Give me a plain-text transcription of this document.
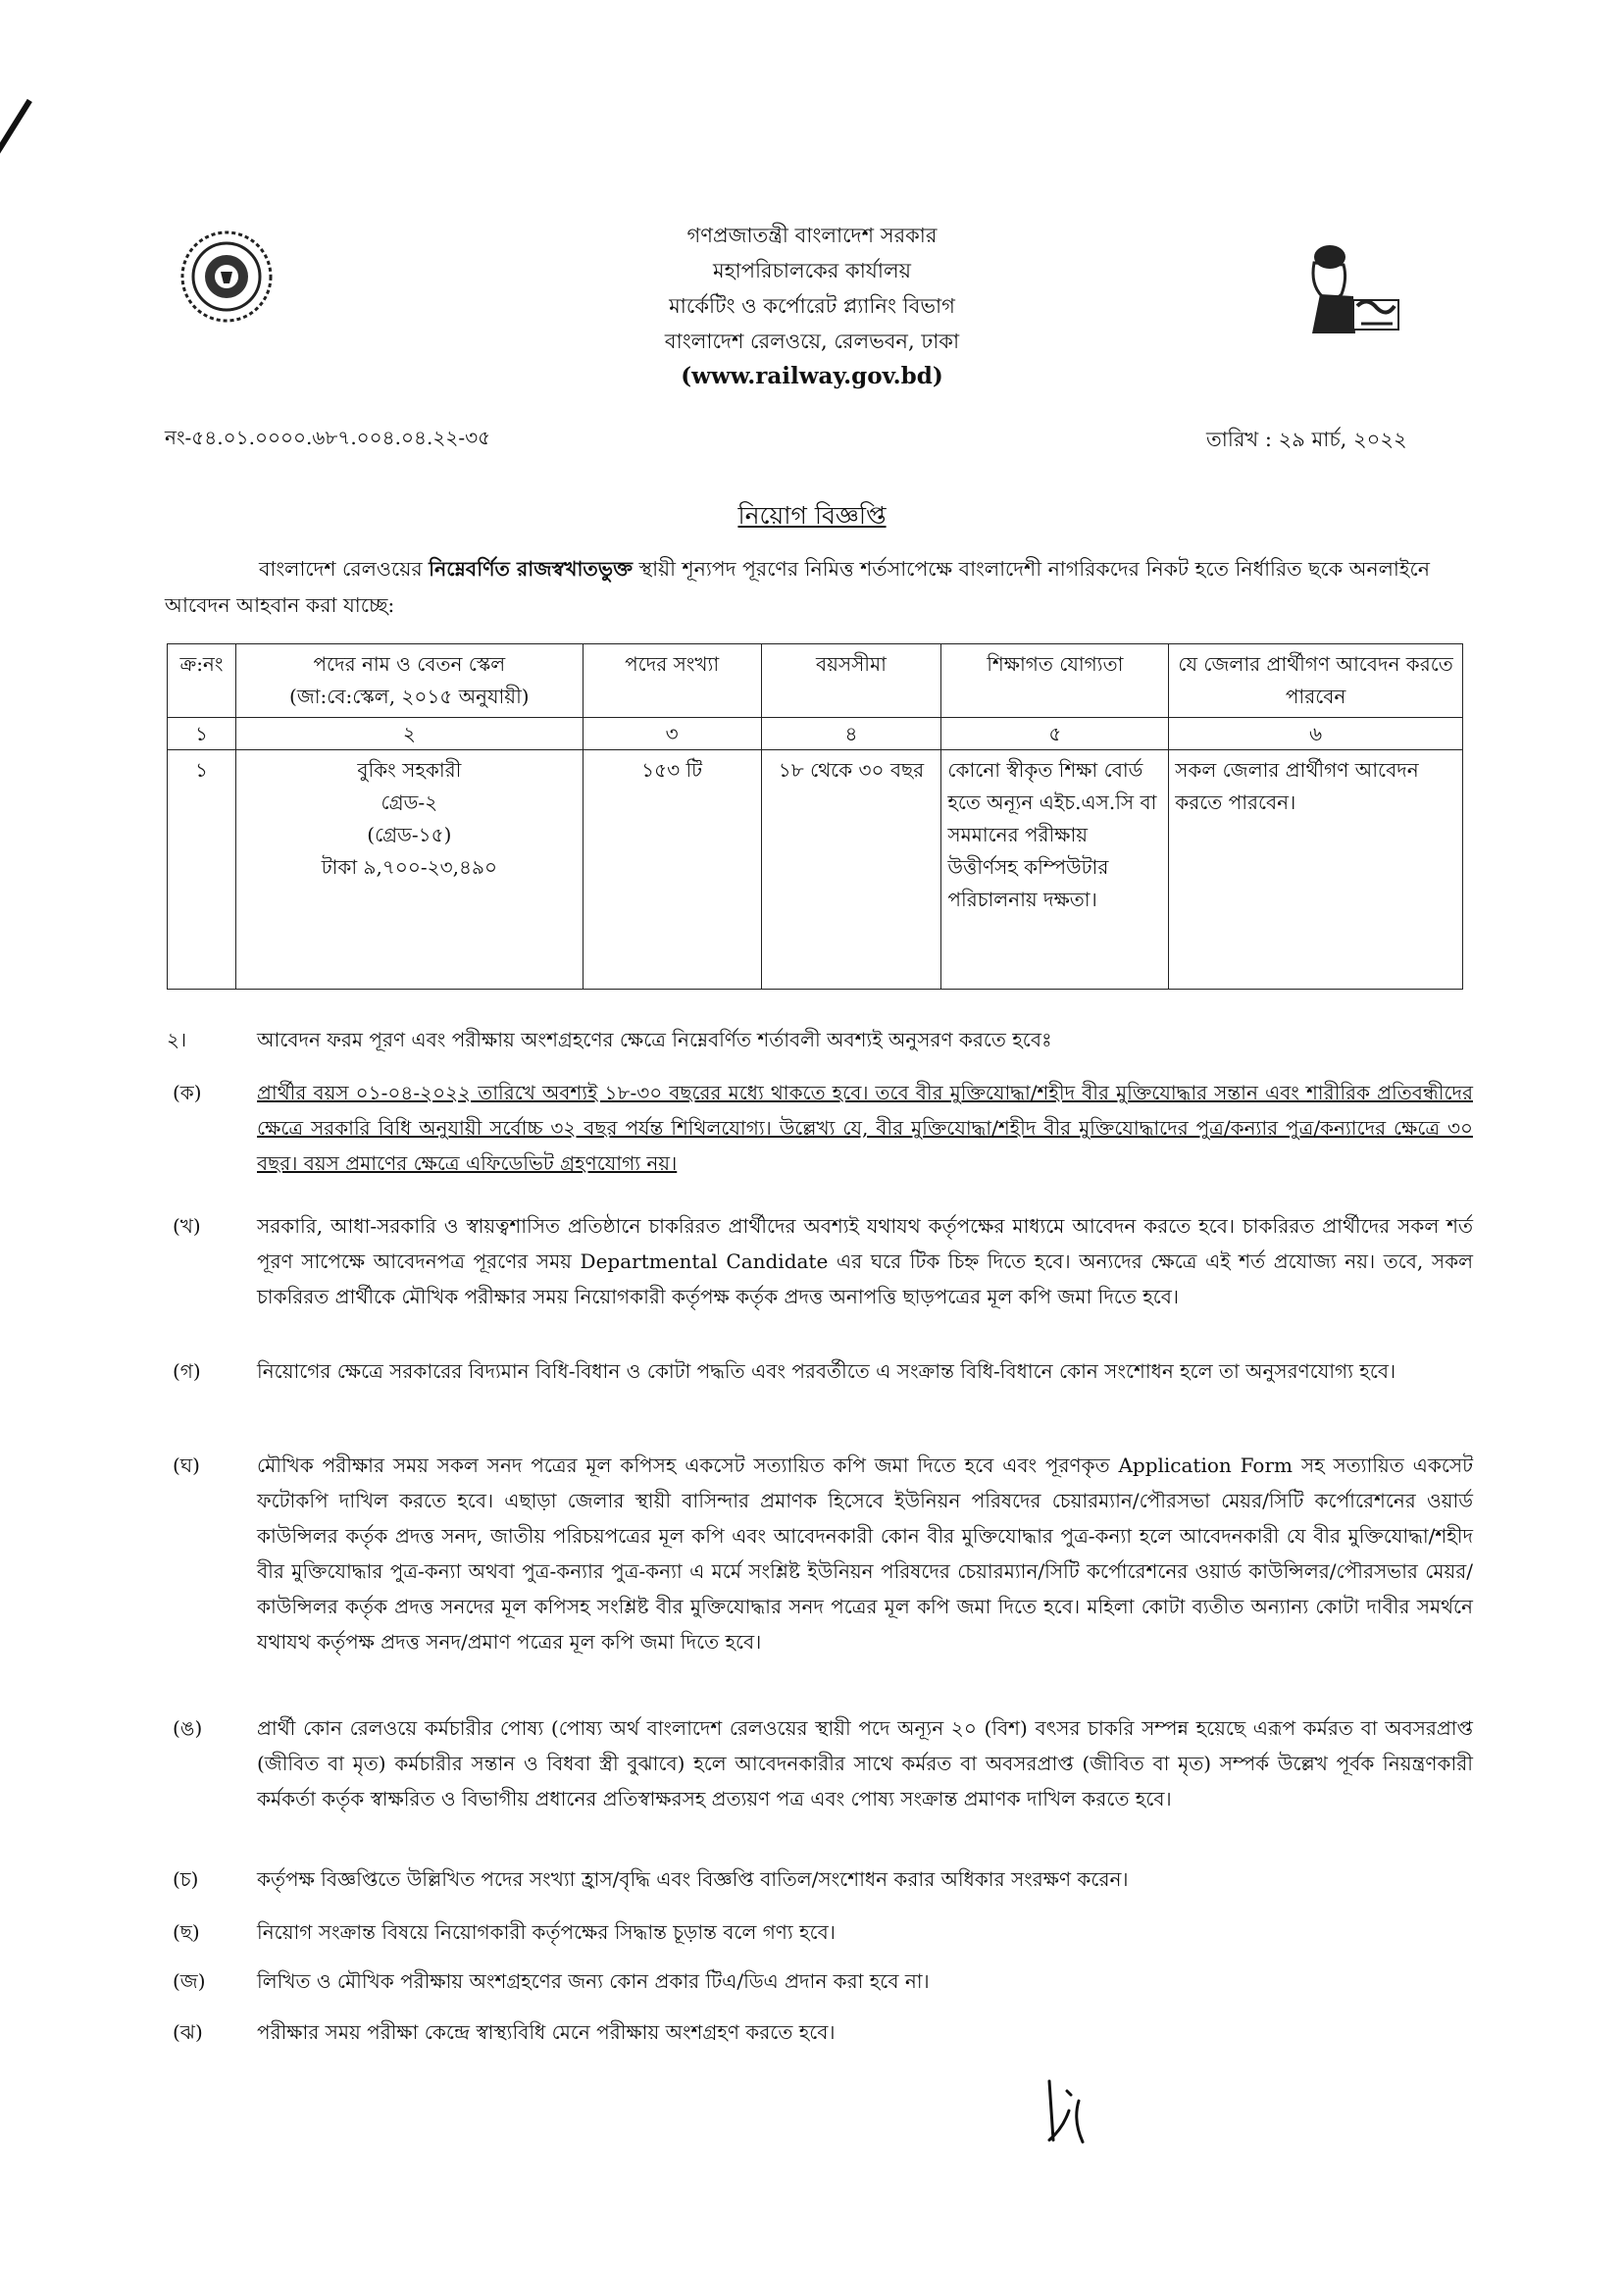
গণপ্রজাতন্ত্রী বাংলাদেশ সরকার
মহাপরিচালকের কার্যালয়
মার্কেটিং ও কর্পোরেট প্ল্যানিং বিভাগ
বাংলাদেশ রেলওয়ে, রেলভবন, ঢাকা
(www.railway.gov.bd)
নং-৫৪.০১.০০০০.৬৮৭.০০৪.০৪.২২-৩৫	তারিখ : ২৯ মার্চ, ২০২২
নিয়োগ বিজ্ঞপ্তি
বাংলাদেশ রেলওয়ের নিম্নেবর্ণিত রাজস্বখাতভুক্ত স্থায়ী শূন্যপদ পূরণের নিমিত্ত শর্তসাপেক্ষে বাংলাদেশী নাগরিকদের নিকট হতে নির্ধারিত ছকে অনলাইনে আবেদন আহবান করা যাচ্ছে:
ক্র:নং	পদের নাম ও বেতন স্কেল
(জা:বে:স্কেল, ২০১৫ অনুযায়ী)	পদের সংখ্যা	বয়সসীমা	শিক্ষাগত যোগ্যতা	যে জেলার প্রার্থীগণ আবেদন করতে পারবেন
১	২	৩	৪	৫	৬
১	বুকিং সহকারী
গ্রেড-২
(গ্রেড-১৫)
টাকা ৯,৭০০-২৩,৪৯০	১৫৩ টি	১৮ থেকে ৩০ বছর	কোনো স্বীকৃত শিক্ষা বোর্ড হতে অন্যূন এইচ.এস.সি বা সমমানের পরীক্ষায় উত্তীর্ণসহ কম্পিউটার পরিচালনায় দক্ষতা।	সকল জেলার প্রার্থীগণ আবেদন করতে পারবেন।
২।	আবেদন ফরম পূরণ এবং পরীক্ষায় অংশগ্রহণের ক্ষেত্রে নিম্নেবর্ণিত শর্তাবলী অবশ্যই অনুসরণ করতে হবেঃ
(ক)	প্রার্থীর বয়স ০১-০৪-২০২২ তারিখে অবশ্যই ১৮-৩০ বছরের মধ্যে থাকতে হবে। তবে বীর মুক্তিযোদ্ধা/শহীদ বীর মুক্তিযোদ্ধার সন্তান এবং শারীরিক প্রতিবন্ধীদের ক্ষেত্রে সরকারি বিধি অনুযায়ী সর্বোচ্চ ৩২ বছর পর্যন্ত শিথিলযোগ্য। উল্লেখ্য যে, বীর মুক্তিযোদ্ধা/শহীদ বীর মুক্তিযোদ্ধাদের পুত্র/কন্যার পুত্র/কন্যাদের ক্ষেত্রে ৩০ বছর। বয়স প্রমাণের ক্ষেত্রে এফিডেভিট গ্রহণযোগ্য নয়।
(খ)	সরকারি, আধা-সরকারি ও স্বায়ত্বশাসিত প্রতিষ্ঠানে চাকরিরত প্রার্থীদের অবশ্যই যথাযথ কর্তৃপক্ষের মাধ্যমে আবেদন করতে হবে। চাকরিরত প্রার্থীদের সকল শর্ত পূরণ সাপেক্ষে আবেদনপত্র পূরণের সময় Departmental Candidate এর ঘরে টিক চিহ্ন দিতে হবে। অন্যদের ক্ষেত্রে এই শর্ত প্রযোজ্য নয়। তবে, সকল চাকরিরত প্রার্থীকে মৌখিক পরীক্ষার সময় নিয়োগকারী কর্তৃপক্ষ কর্তৃক প্রদত্ত অনাপত্তি ছাড়পত্রের মূল কপি জমা দিতে হবে।
(গ)	নিয়োগের ক্ষেত্রে সরকারের বিদ্যমান বিধি-বিধান ও কোটা পদ্ধতি এবং পরবর্তীতে এ সংক্রান্ত বিধি-বিধানে কোন সংশোধন হলে তা অনুসরণযোগ্য হবে।
(ঘ)	মৌখিক পরীক্ষার সময় সকল সনদ পত্রের মূল কপিসহ একসেট সত্যায়িত কপি জমা দিতে হবে এবং পূরণকৃত Application Form সহ সত্যায়িত একসেট ফটোকপি দাখিল করতে হবে। এছাড়া জেলার স্থায়ী বাসিন্দার প্রমাণক হিসেবে ইউনিয়ন পরিষদের চেয়ারম্যান/পৌরসভা মেয়র/সিটি কর্পোরেশনের ওয়ার্ড কাউন্সিলর কর্তৃক প্রদত্ত সনদ, জাতীয় পরিচয়পত্রের মূল কপি এবং আবেদনকারী কোন বীর মুক্তিযোদ্ধার পুত্র-কন্যা হলে আবেদনকারী যে বীর মুক্তিযোদ্ধা/শহীদ বীর মুক্তিযোদ্ধার পুত্র-কন্যা অথবা পুত্র-কন্যার পুত্র-কন্যা এ মর্মে সংশ্লিষ্ট ইউনিয়ন পরিষদের চেয়ারম্যান/সিটি কর্পোরেশনের ওয়ার্ড কাউন্সিলর/পৌরসভার মেয়র/কাউন্সিলর কর্তৃক প্রদত্ত সনদের মূল কপিসহ সংশ্লিষ্ট বীর মুক্তিযোদ্ধার সনদ পত্রের মূল কপি জমা দিতে হবে। মহিলা কোটা ব্যতীত অন্যান্য কোটা দাবীর সমর্থনে যথাযথ কর্তৃপক্ষ প্রদত্ত সনদ/প্রমাণ পত্রের মূল কপি জমা দিতে হবে।
(ঙ)	প্রার্থী কোন রেলওয়ে কর্মচারীর পোষ্য (পোষ্য অর্থ বাংলাদেশ রেলওয়ের স্থায়ী পদে অন্যূন ২০ (বিশ) বৎসর চাকরি সম্পন্ন হয়েছে এরূপ কর্মরত বা অবসরপ্রাপ্ত (জীবিত বা মৃত) কর্মচারীর সন্তান ও বিধবা স্ত্রী বুঝাবে) হলে আবেদনকারীর সাথে কর্মরত বা অবসরপ্রাপ্ত (জীবিত বা মৃত) সম্পর্ক উল্লেখ পূর্বক নিয়ন্ত্রণকারী কর্মকর্তা কর্তৃক স্বাক্ষরিত ও বিভাগীয় প্রধানের প্রতিস্বাক্ষরসহ প্রত্যয়ণ পত্র এবং পোষ্য সংক্রান্ত প্রমাণক দাখিল করতে হবে।
(চ)	কর্তৃপক্ষ বিজ্ঞপ্তিতে উল্লিখিত পদের সংখ্যা হ্রাস/বৃদ্ধি এবং বিজ্ঞপ্তি বাতিল/সংশোধন করার অধিকার সংরক্ষণ করেন।
(ছ)	নিয়োগ সংক্রান্ত বিষয়ে নিয়োগকারী কর্তৃপক্ষের সিদ্ধান্ত চূড়ান্ত বলে গণ্য হবে।
(জ)	লিখিত ও মৌখিক পরীক্ষায় অংশগ্রহণের জন্য কোন প্রকার টিএ/ডিএ প্রদান করা হবে না।
(ঝ)	পরীক্ষার সময় পরীক্ষা কেন্দ্রে স্বাস্থ্যবিধি মেনে পরীক্ষায় অংশগ্রহণ করতে হবে।
